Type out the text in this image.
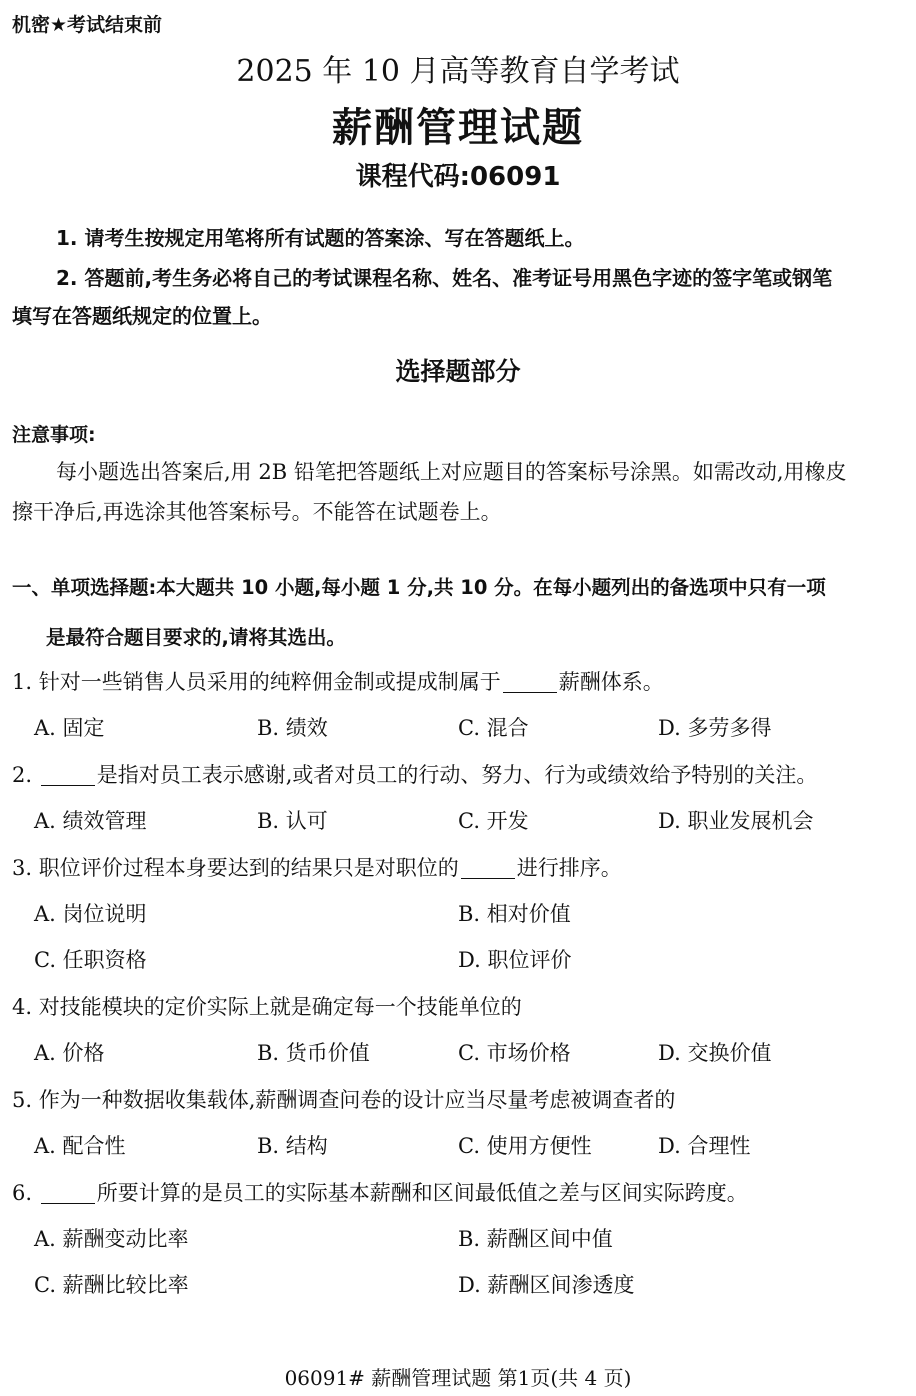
机密★考试结束前
2025 年 10 月高等教育自学考试
薪酬管理试题
课程代码:06091
1. 请考生按规定用笔将所有试题的答案涂、写在答题纸上。
2. 答题前,考生务必将自己的考试课程名称、姓名、准考证号用黑色字迹的签字笔或钢笔
填写在答题纸规定的位置上。
选择题部分
注意事项:
每小题选出答案后,用 2B 铅笔把答题纸上对应题目的答案标号涂黑。如需改动,用橡皮
擦干净后,再选涂其他答案标号。不能答在试题卷上。
一、单项选择题:本大题共 10 小题,每小题 1 分,共 10 分。在每小题列出的备选项中只有一项
是最符合题目要求的,请将其选出。
1. 针对一些销售人员采用的纯粹佣金制或提成制属于	薪酬体系。
A. 固定	B. 绩效	C. 混合	D. 多劳多得
2.	是指对员工表示感谢,或者对员工的行动、努力、行为或绩效给予特别的关注。
A. 绩效管理	B. 认可	C. 开发	D. 职业发展机会
3. 职位评价过程本身要达到的结果只是对职位的	进行排序。
A. 岗位说明	B. 相对价值
C. 任职资格	D. 职位评价
4. 对技能模块的定价实际上就是确定每一个技能单位的
A. 价格	B. 货币价值	C. 市场价格	D. 交换价值
5. 作为一种数据收集载体,薪酬调查问卷的设计应当尽量考虑被调查者的
A. 配合性	B. 结构	C. 使用方便性	D. 合理性
6.	所要计算的是员工的实际基本薪酬和区间最低值之差与区间实际跨度。
A. 薪酬变动比率	B. 薪酬区间中值
C. 薪酬比较比率	D. 薪酬区间渗透度
06091# 薪酬管理试题 第1页(共 4 页)
